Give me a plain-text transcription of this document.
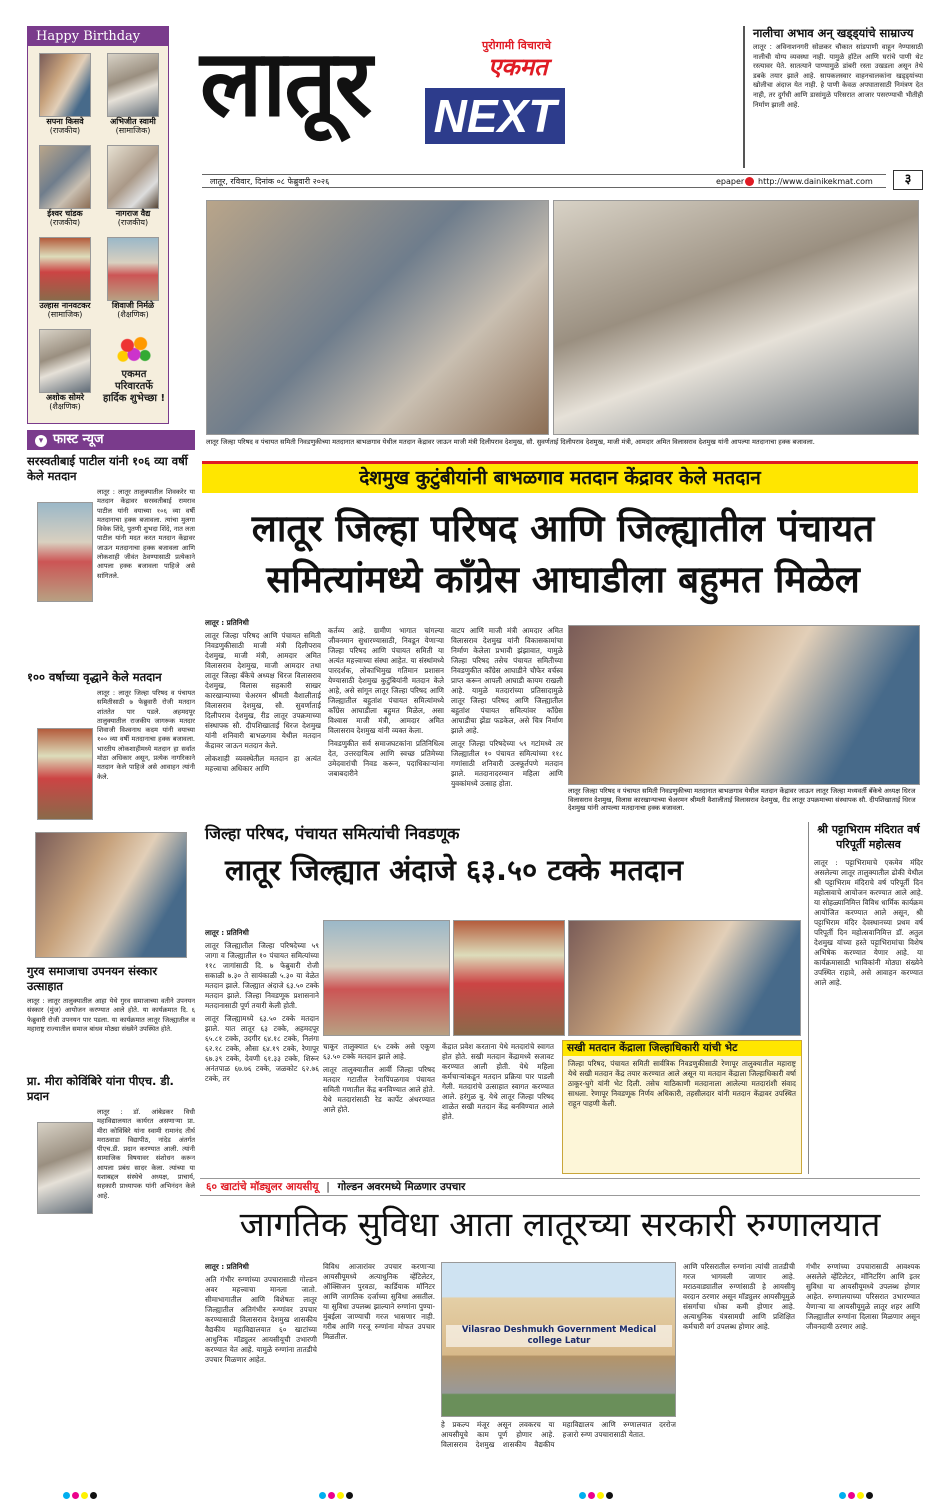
Happy Birthday
सपना किसवे
(राजकीय)
अभिजीत स्वामी
(सामाजिक)
ईश्वर चांडक
(राजकीय)
नागराज वैद्य
(राजकीय)
उल्हास नानवटकर
(सामाजिक)
शिवाजी निर्मळे
(शैक्षणिक)
अशोक सोमरे
(शैक्षणिक)
एकमत परिवारतर्फे हार्दिक शुभेच्छा !
लातूर NEXT
पुरोगामी विचाराचे
एकमत
लातूर, रविवार, दिनांक ०८ फेब्रुवारी २०२६	epaper http://www.dainikekmat.com	३
नालीचा अभाव अन् खड्ड्यांचे साम्राज्य
लातूर : अविनाशनगरी सोळकर चौकात सांडपाणी वाहून नेण्यासाठी नालीची योग्य व्यवस्था नाही. यामुळे हॉटेल आणि घरांचे पाणी थेट रस्त्यावर येते. सातत्याने पाण्यामुळे डांबरी रस्ता उखडला असून तेथे डबके तयार झाले आहे. सायकलस्वार वाहनचालकांना खड्ड्यांच्या खोलीचा अंदाज येत नाही. हे पाणी केवळ अपघातासाठी निमंत्रण देत नाही, तर दुर्गंधी आणि डासांमुळे परिसरात आजार पसरण्याची भीतीही निर्माण झाली आहे.
लातूर जिल्हा परिषद व पंचायत समिती निवडणुकीच्या मतदानात बाभळगाव येथील मतदान केंद्रावर जाऊन माजी मंत्री दिलीपराव देशमुख, सौ. सुवर्णताई दिलीपराव देशमुख, माजी मंत्री, आमदार अमित विलासराव देशमुख यांनी आपल्या मतदानाचा हक्क बजावला.
देशमुख कुटुंबीयांनी बाभळगाव मतदान केंद्रावर केले मतदान
लातूर जिल्हा परिषद आणि जिल्ह्यातील पंचायत
समित्यांमध्ये कॉंग्रेस आघाडीला बहुमत मिळेल

लातूर : प्रतिनिधी

लातूर जिल्हा परिषद आणि पंचायत समिती निवडणुकीसाठी माजी मंत्री दिलीपराव देशमुख, माजी मंत्री, आमदार अमित विलासराव देशमुख, माजी आमदार तथा लातूर जिल्हा बँकेचे अध्यक्ष धिरज विलासराव देशमुख, विलास सहकारी साखर कारखान्याच्या चेअरमन श्रीमती वैशालीताई विलासराव देशमुख, सौ. सुवर्णाताई दिलीपराव देशमुख, रीड लातूर उपक्रमाच्या संस्थापक सौ. दीपशिखाताई धिरज देशमुख यांनी शनिवारी बाभळगाव येथील मतदान केंद्रावर जाऊन मतदान केले.

लोकशाही व्यवस्थेतील मतदान हा अत्यंत महत्त्वाचा अधिकार आणि

कर्तव्य आहे. ग्रामीण भागात चांगल्या जीवनमान सुधारण्यासाठी, निवडून येणाऱ्या जिल्हा परिषद आणि पंचायत समिती या अत्यंत महत्त्वाच्या संस्था आहेत. या संस्थांमध्ये पारदर्शक, लोकाभिमुख गतिमान प्रशासन येण्यासाठी देशमुख कुटुंबियांनी मतदान केले आहे, असे सांगून लातूर जिल्हा परिषद आणि जिल्ह्यातील बहुतांश पंचायत समित्यांमध्ये काँग्रेस आघाडीला बहुमत मिळेल, असा विश्वास माजी मंत्री, आमदार अमित विलासराव देशमुख यांनी व्यक्त केला.

निवडणुकीत सर्व समाजघटकांना प्रतिनिधित्व देत, उत्तरदायित्व आणि स्वच्छ प्रतिमेच्या उमेदवारांची निवड करून, पदाधिकाऱ्यांना जबाबदारीने

वाटप आणि माजी मंत्री आमदार अमित विलासराव देशमुख यांनी विकासकामांचा निर्माण केलेला प्रभावी झंझावात, यामुळे जिल्हा परिषद तसेच पंचायत समितीच्या निवडणुकीत काँग्रेस आघाडीने चौफेर वर्चस्व प्राप्त करून आपली आघाडी कायम राखली आहे. यामुळे मतदारांच्या प्रतिसादामुळे लातूर जिल्हा परिषद आणि जिल्ह्यातील बहुतांश पंचायत समित्यांवर काँग्रेस आघाडीचा झेंडा फडकेल, असे चित्र निर्माण झाले आहे.

लातूर जिल्हा परिषदेच्या ५९ गटांमध्ये तर जिल्ह्यातील १० पंचायत समित्यांच्या ११८ गणांसाठी शनिवारी उत्स्फूर्तपणे मतदान झाले. मतदानादरम्यान महिला आणि युवकांमध्ये उत्साह होता.

लातूर जिल्हा परिषद व पंचायत समिती निवडणुकीच्या मतदानात बाभळगाव येथील मतदान केंद्रावर जाऊन लातूर जिल्हा मध्यवर्ती बँकेचे अध्यक्ष धिरज विलासराव देशमुख, विलास कारखान्याच्या चेअरमन श्रीमती वैशालीताई विलासराव देशमुख, रीड लातूर उपक्रमाच्या संस्थापक सौ. दीपशिखाताई धिरज देशमुख यांनी आपल्या मतदानाचा हक्क बजावला.
▾ फास्ट न्यूज
सरस्वतीबाई पाटील यांनी १०६ व्या वर्षी केले मतदान
लातूर : लातूर तालुक्यातील शिवकरेर या मतदान केंद्रावर सरस्वतीबाई रामराव पाटील यांनी वयाच्या १०६ व्या वर्षी मतदानाचा हक्क बजावला. त्यांचा मुलगा विवेक शिंदे, पुतणी शुभदा शिंदे, नात लता पाटील यांनी मदत करत मतदान केंद्रावर जाऊन मतदानाचा हक्क बजावला आणि लोकशाही जीवंत ठेवण्यासाठी प्रत्येकाने आपला हक्क बजावला पाहिजे असे सांगितले.
१०० वर्षाच्या वृद्धाने केले मतदान
लातूर : लातूर जिल्हा परिषद व पंचायत समितीसाठी ७ फेब्रुवारी रोजी मतदान शांततेत पार पडले. अहमदपूर तालुक्यातील राजकीय जागरूक मतदार शिवाजी विश्वनाथ कदम यांनी वयाच्या १०० व्या वर्षी मतदानाचा हक्क बजावला. भारतीय लोकशाहीमध्ये मतदान हा सर्वात मोठा अधिकार असून, प्रत्येक नागरिकाने मतदान केले पाहिजे असे आवाहन त्यांनी केले.
गुरव समाजाचा उपनयन संस्कार उत्साहात
लातूर : लातूर तालुक्यातील आहा येथे गुरव समाजाच्या वतीने उपनयन संस्कार (मुंज) आयोजन करण्यात आले होते. या कार्यक्रमात दि. ६ फेब्रुवारी रोजी उपनयन पार पडला. या कार्यक्रमात लातूर जिल्ह्यातील व महाराष्ट्र राज्यातील समाज बांधव मोठ्या संख्येने उपस्थित होते.
प्रा. मीरा कोविंबिरे यांना पीएच. डी. प्रदान
लातूर : डॉ. आंबेडकर विधी महाविद्यालयात कार्यरत असणाऱ्या प्रा. मीरा कोविंबिरे यांना स्वामी रामानंद तीर्थ मराठवाडा विद्यापीठ, नांदेड अंतर्गत पीएच.डी. प्रदान करण्यात आली. त्यांनी सामाजिक विषयावर संशोधन करून आपला प्रबंध सादर केला. त्यांच्या या यशाबद्दल संस्थेचे अध्यक्ष, प्राचार्य, सहकारी प्राध्यापक यांनी अभिनंदन केले आहे.
जिल्हा परिषद, पंचायत समित्यांची निवडणूक
लातूर जिल्ह्यात अंदाजे ६३.५० टक्के मतदान

लातूर : प्रतिनिधी

लातूर जिल्ह्यातील जिल्हा परिषदेच्या ५९ जागा व जिल्ह्यातील १० पंचायत समित्यांच्या ११८ जागांसाठी दि. ७ फेब्रुवारी रोजी सकाळी ७.३० ते सायंकाळी ५.३० या वेळेत मतदान झाले. जिल्ह्यात अंदाजे ६३.५० टक्के मतदान झाले. जिल्हा निवडणूक प्रशासनाने मतदानासाठी पूर्ण तयारी केली होती.

लातूर जिल्ह्यामध्ये ६३.५० टक्के मतदान झाले. यात लातूर ६३ टक्के, अहमदपूर ६५.८१ टक्के, उदगीर ६४.१८ टक्के, निलंगा ६२.१८ टक्के, औसा ६४.१९ टक्के, रेणापूर ६७.३९ टक्के, देवणी ६१.३३ टक्के, शिरूर अनंतपाळ ६७.७६ टक्के, जळकोट ६२.७६ टक्के, तर

चाकूर तालुक्यात ६५ टक्के असे एकूण ६३.५० टक्के मतदान झाले आहे.

लातूर तालुक्यातील आर्वी जिल्हा परिषद मतदार गटातील रेनापिंपळगाव पंचायत समिती गणातील केंद्र बनविण्यात आले होते. येथे मतदारांसाठी रेड कार्पेट अंथरण्यात आले होते.

केंद्रात प्रवेश करताना येथे मतदारांचे स्वागत होत होते. सखी मतदान केंद्रामध्ये सजावट करण्यात आली होती. येथे महिला कर्मचाऱ्यांकडून मतदान प्रक्रिया पार पाडली गेली. मतदारांचे उत्साहात स्वागत करण्यात आले. हरंगुळ बु. येथे लातूर जिल्हा परिषद शाळेत सखी मतदान केंद्र बनविण्यात आले होते.

सखी मतदान केंद्राला जिल्हाधिकारी यांची भेट
जिल्हा परिषद, पंचायत समिती सार्वत्रिक निवडणुकीसाठी रेणापूर तालुक्यातील महाराष्ट्र येथे सखी मतदान केंद्र तयार करण्यात आले असून या मतदान केंद्राला जिल्हाधिकारी वर्षा ठाकूर-घुगे यांनी भेट दिली. तसेच याठिकाणी मतदानाला आलेल्या मतदारांशी संवाद साधला. रेणापूर निवडणूक निर्णय अधिकारी, तहसीलदार यांनी मतदान केंद्रावर उपस्थित राहून पाहणी केली.
श्री पट्टाभिराम मंदिरात वर्ष परिपूर्ती महोत्सव
लातूर : पट्टाभिरामाचे एकमेव मंदिर असलेल्या लातूर तालुक्यातील ढोकी येथील श्री पट्टाभिराम मंदिराचे वर्ष परिपूर्ती दिन महोत्सवाचे आयोजन करण्यात आले आहे. या सोहळ्यानिमित्त विविध धार्मिक कार्यक्रम आयोजित करण्यात आले असून, श्री पट्टाभिराम मंदिर देवस्थानच्या प्रथम वर्ष परिपूर्ती दिन महोत्सवानिमित्त डॉ. अतुल देशमुख यांच्या हस्ते पट्टाभिरामांचा विशेष अभिषेक करण्यात येणार आहे. या कार्यक्रमासाठी भाविकांनी मोठ्या संख्येने उपस्थित राहावे, असे आवाहन करण्यात आले आहे.
६० खाटांचे मॉड्युलर आयसीयू | गोल्डन अवरमध्ये मिळणार उपचार
जागतिक सुविधा आता लातूरच्या सरकारी रुग्णालयात

लातूर : प्रतिनिधी

अति गंभीर रुग्णांच्या उपचारासाठी गोल्डन अवर महत्त्वाचा मानला जातो. सीमाभागातील आणि विशेषतः लातूर जिल्ह्यातील अतिगंभीर रुग्णांवर उपचार करण्यासाठी विलासराव देशमुख शासकीय वैद्यकीय महाविद्यालयात ६० खाटांच्या आधुनिक मॉड्युलर आयसीयूची उभारणी करण्यात येत आहे. यामुळे रुग्णांना तातडीचे उपचार मिळणार आहेत.

विविध आजारांवर उपचार करणाऱ्या आयसीयूमध्ये अत्याधुनिक व्हेंटिलेटर, ऑक्सिजन पुरवठा, कार्डियाक मॉनिटर आणि जागतिक दर्जाच्या सुविधा असतील. या सुविधा उपलब्ध झाल्याने रुग्णांना पुण्या-मुंबईला जाण्याची गरज भासणार नाही. गरीब आणि गरजू रुग्णांना मोफत उपचार मिळतील.

Vilasrao Deshmukh Government Medical college Latur

हे प्रकल्प मंजूर असून लवकरच या आयसीयूचे काम पूर्ण होणार आहे. विलासराव देशमुख शासकीय वैद्यकीय महाविद्यालय आणि रुग्णालयात दररोज हजारो रुग्ण उपचारासाठी येतात.

आणि परिसरातील रुग्णांना त्यांची तातडीची गरज भागवली जाणार आहे. मराठवाड्यातील रुग्णांसाठी हे आयसीयू वरदान ठरणार असून मॉड्युलर आयसीयूमुळे संसर्गाचा धोका कमी होणार आहे. अत्याधुनिक यंत्रसामग्री आणि प्रशिक्षित कर्मचारी वर्ग उपलब्ध होणार आहे.

गंभीर रुग्णांच्या उपचारासाठी आवश्यक असलेले व्हेंटिलेटर, मॉनिटरिंग आणि इतर सुविधा या आयसीयूमध्ये उपलब्ध होणार आहेत. रुग्णालयाच्या परिसरात उभारण्यात येणाऱ्या या आयसीयूमुळे लातूर शहर आणि जिल्ह्यातील रुग्णांना दिलासा मिळणार असून जीवनदायी ठरणार आहे.
